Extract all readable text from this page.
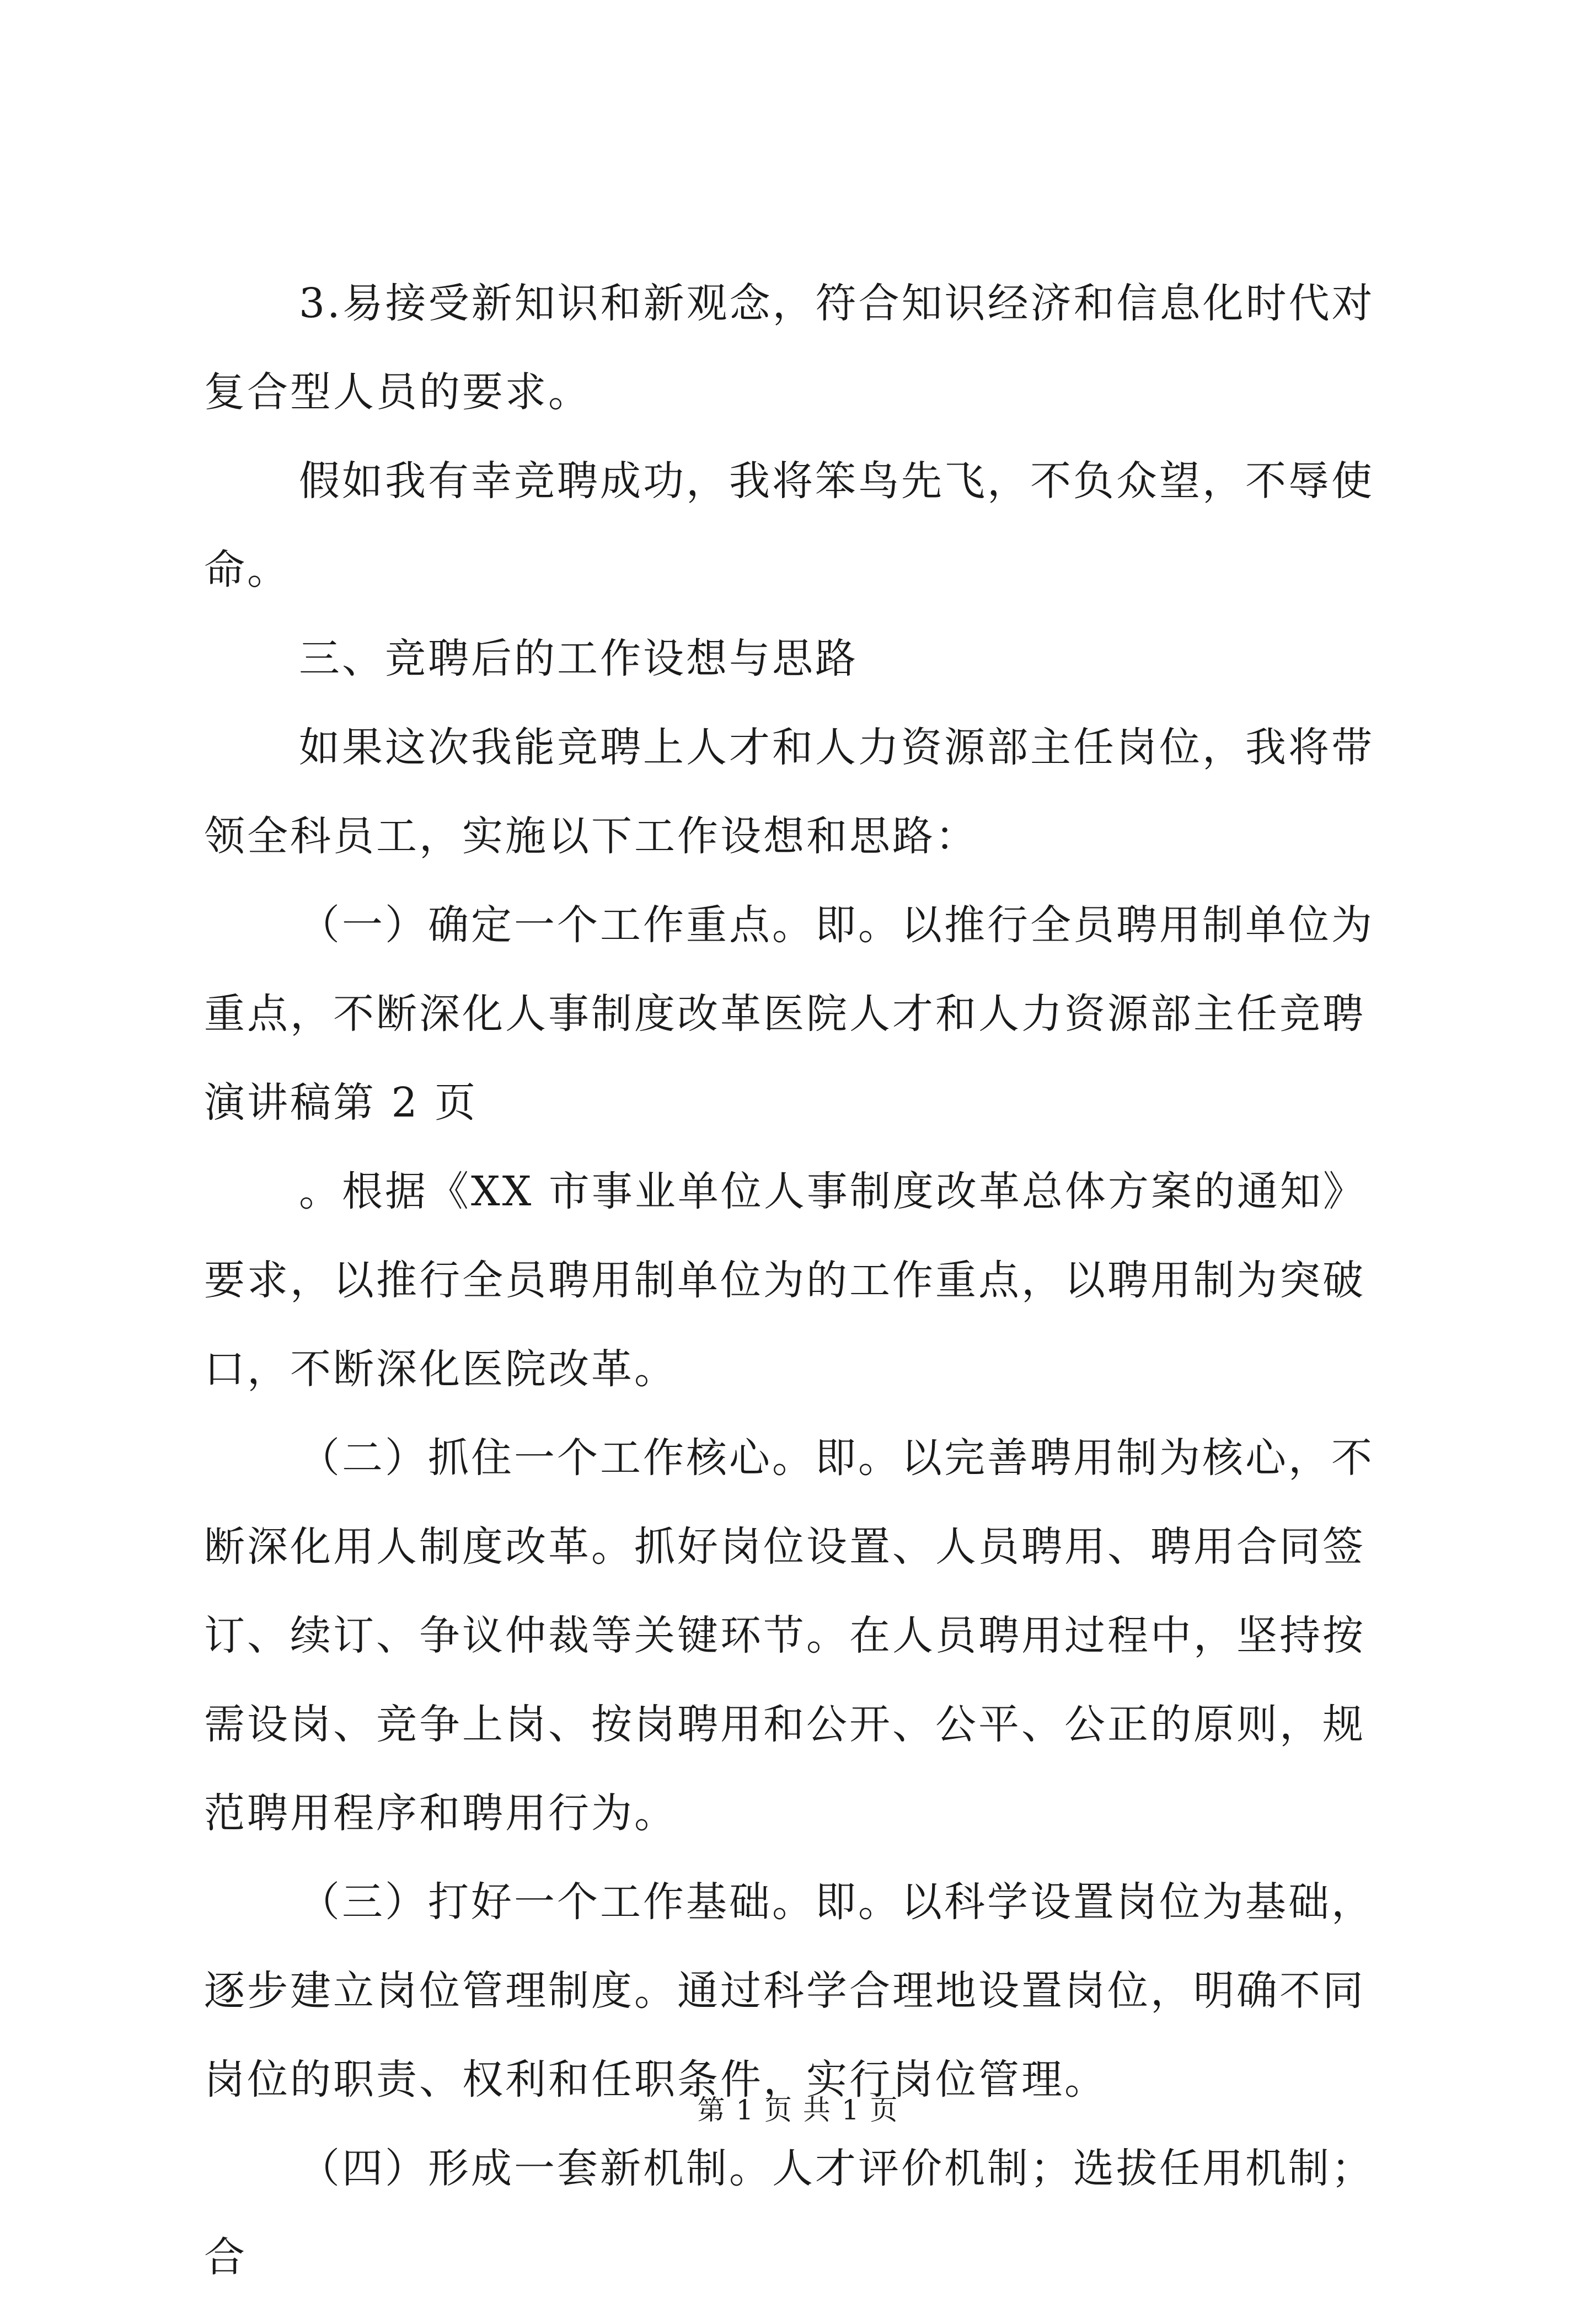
3.易接受新知识和新观念，符合知识经济和信息化时代对复合型人员的要求。

假如我有幸竞聘成功，我将笨鸟先飞，不负众望，不辱使命。

三、竞聘后的工作设想与思路

如果这次我能竞聘上人才和人力资源部主任岗位，我将带领全科员工，实施以下工作设想和思路：

（一）确定一个工作重点。即。以推行全员聘用制单位为重点，不断深化人事制度改革医院人才和人力资源部主任竞聘演讲稿第 2 页

。根据《XX 市事业单位人事制度改革总体方案的通知》要求，以推行全员聘用制单位为的工作重点，以聘用制为突破口，不断深化医院改革。

（二）抓住一个工作核心。即。以完善聘用制为核心，不断深化用人制度改革。抓好岗位设置、人员聘用、聘用合同签订、续订、争议仲裁等关键环节。在人员聘用过程中，坚持按需设岗、竞争上岗、按岗聘用和公开、公平、公正的原则，规范聘用程序和聘用行为。

（三）打好一个工作基础。即。以科学设置岗位为基础，逐步建立岗位管理制度。通过科学合理地设置岗位，明确不同岗位的职责、权利和任职条件，实行岗位管理。

（四）形成一套新机制。人才评价机制；选拔任用机制；合

第 1 页 共 1 页
